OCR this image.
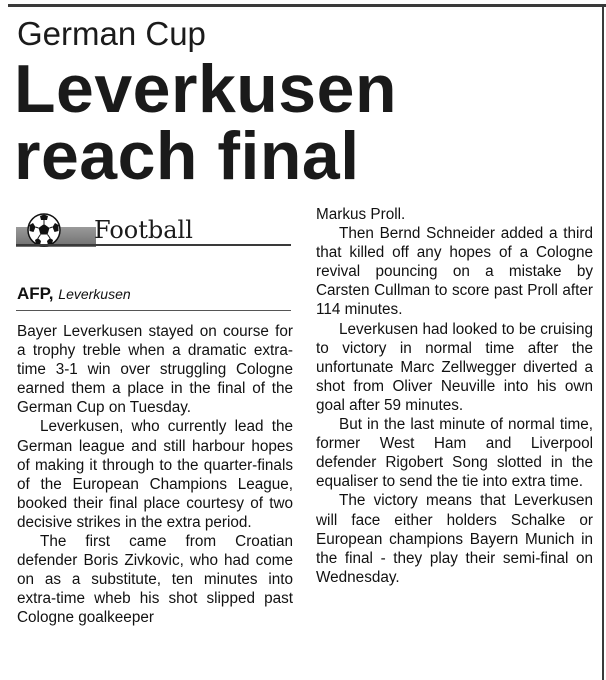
German Cup
Leverkusen
reach final
Football
AFP, Leverkusen

Bayer Leverkusen stayed on course for a trophy treble when a dramatic extra-time 3-1 win over struggling Cologne earned them a place in the final of the German Cup on Tuesday.

Leverkusen, who currently lead the German league and still harbour hopes of making it through to the quarter-finals of the European Champions League, booked their final place courtesy of two decisive strikes in the extra period.

The first came from Croatian defender Boris Zivkovic, who had come on as a substitute, ten minutes into extra-time wheb his shot slipped past Cologne goalkeeper

Markus Proll.

Then Bernd Schneider added a third that killed off any hopes of a Cologne revival pouncing on a mistake by Carsten Cullman to score past Proll after 114 minutes.

Leverkusen had looked to be cruising to victory in normal time after the unfortunate Marc Zellwegger diverted a shot from Oliver Neuville into his own goal after 59 minutes.

But in the last minute of normal time, former West Ham and Liverpool defender Rigobert Song slotted in the equaliser to send the tie into extra time.

The victory means that Leverkusen will face either holders Schalke or European champions Bayern Munich in the final - they play their semi-final on Wednesday.
